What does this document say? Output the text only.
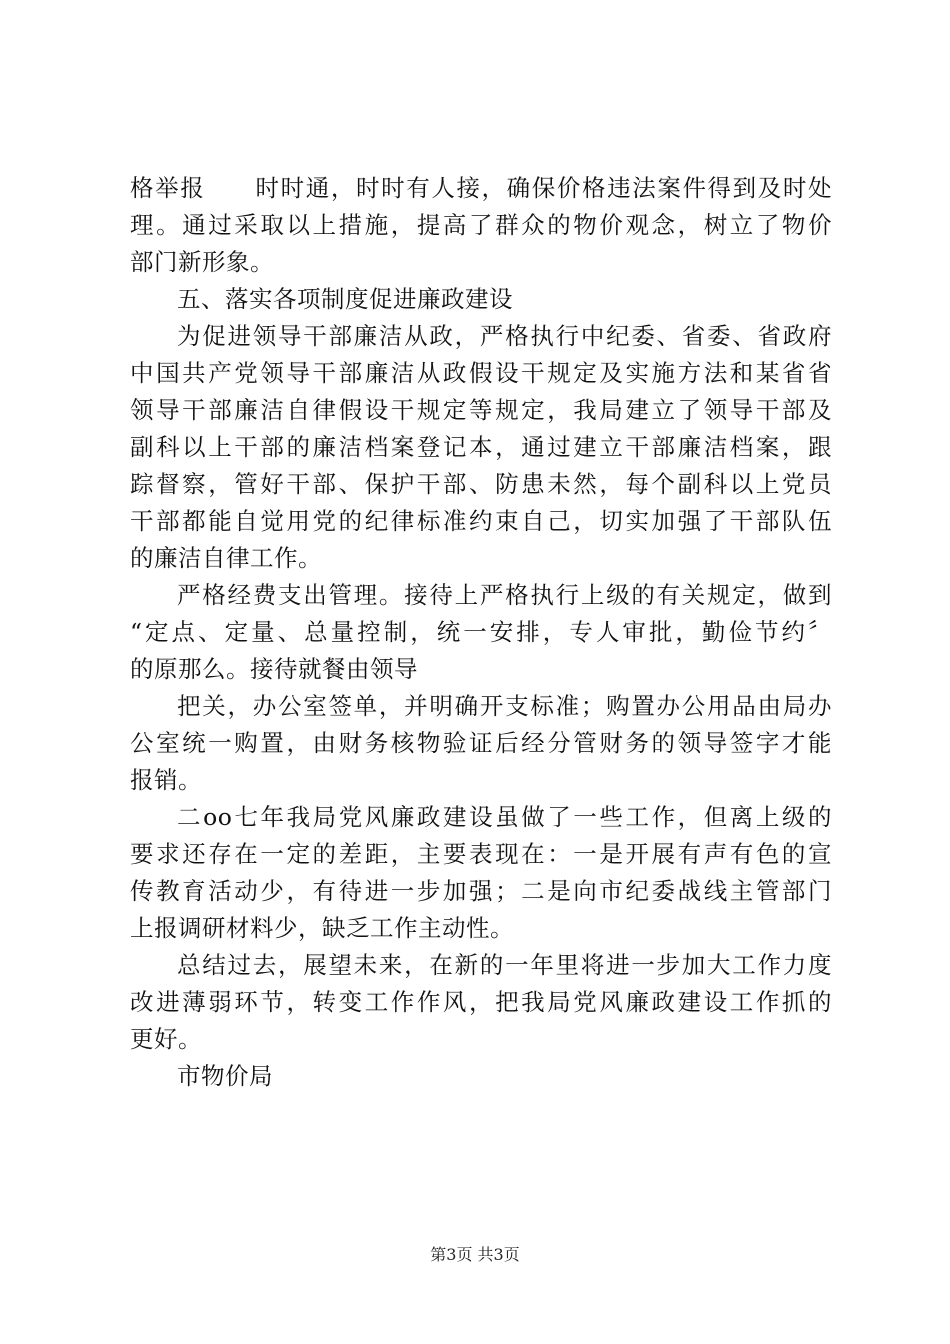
格举报　　时时通，时时有人接，确保价格违法案件得到及时处
理。通过采取以上措施，提高了群众的物价观念，树立了物价
部门新形象。
五、落实各项制度促进廉政建设
为促进领导干部廉洁从政，严格执行中纪委、省委、省政府
中国共产党领导干部廉洁从政假设干规定及实施方法和某省省
领导干部廉洁自律假设干规定等规定，我局建立了领导干部及
副科以上干部的廉洁档案登记本，通过建立干部廉洁档案，跟
踪督察，管好干部、保护干部、防患未然，每个副科以上党员
干部都能自觉用党的纪律标准约束自己，切实加强了干部队伍
的廉洁自律工作。
严格经费支出管理。接待上严格执行上级的有关规定，做到
“定点、定量、总量控制，统一安排，专人审批，勤俭节约〞
的原那么。接待就餐由领导
把关，办公室签单，并明确开支标准；购置办公用品由局办
公室统一购置，由财务核物验证后经分管财务的领导签字才能
报销。
二oo七年我局党风廉政建设虽做了一些工作，但离上级的
要求还存在一定的差距，主要表现在：一是开展有声有色的宣
传教育活动少，有待进一步加强；二是向市纪委战线主管部门
上报调研材料少，缺乏工作主动性。
总结过去，展望未来，在新的一年里将进一步加大工作力度
改进薄弱环节，转变工作作风，把我局党风廉政建设工作抓的
更好。
市物价局
第3页 共3页
